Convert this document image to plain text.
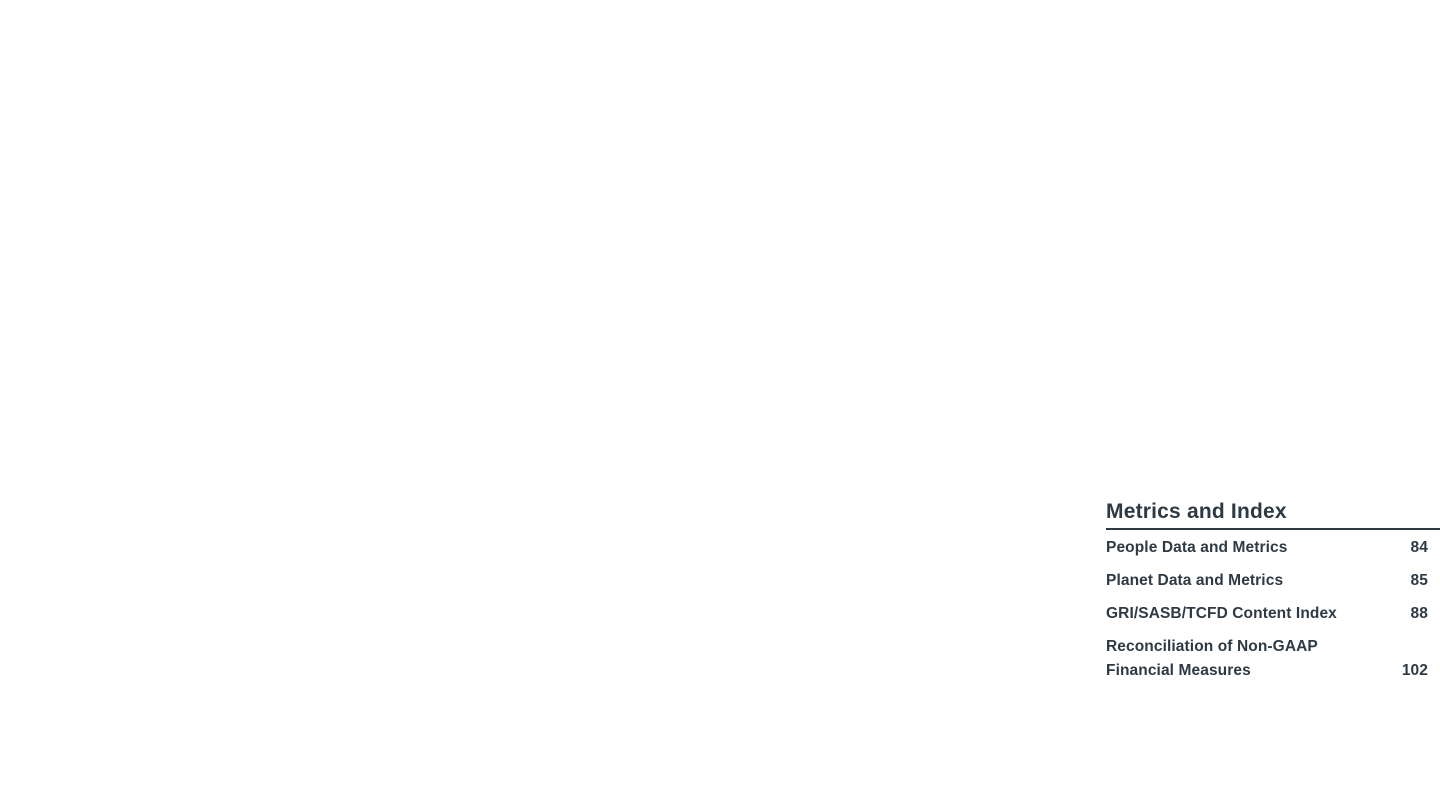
Metrics and Index
People Data and Metrics	84
Planet Data and Metrics	85
GRI/SASB/TCFD Content Index	88
Reconciliation of Non-GAAP
Financial Measures	102
